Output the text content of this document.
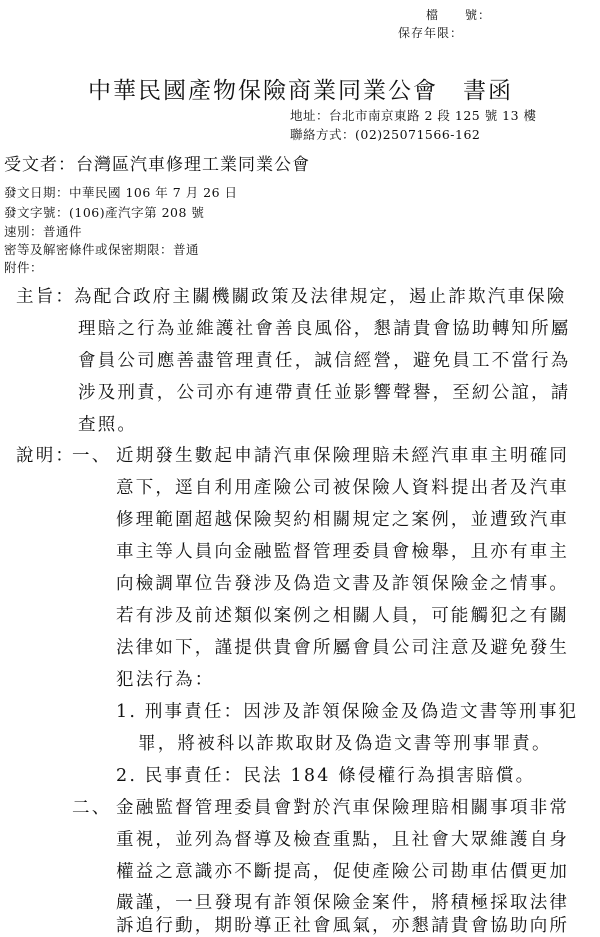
檔　　號：
保存年限：
中華民國產物保險商業同業公會　書函
地址：台北市南京東路 2 段 125 號 13 樓
聯絡方式：(02)25071566-162
受文者：台灣區汽車修理工業同業公會
發文日期：中華民國 106 年 7 月 26 日
發文字號：(106)產汽字第 208 號
速別：普通件
密等及解密條件或保密期限：普通
附件：
主旨：
為配合政府主關機關政策及法律規定，遏止詐欺汽車保險
理賠之行為並維護社會善良風俗，懇請貴會協助轉知所屬
會員公司應善盡管理責任，誠信經營，避免員工不當行為
涉及刑責，公司亦有連帶責任並影響聲譽，至紉公誼，請
查照。
說明：
一、 近期發生數起申請汽車保險理賠未經汽車車主明確同
意下，逕自利用產險公司被保險人資料提出者及汽車
修理範圍超越保險契約相關規定之案例，並遭致汽車
車主等人員向金融監督管理委員會檢舉，且亦有車主
向檢調單位告發涉及偽造文書及詐領保險金之情事。
若有涉及前述類似案例之相關人員，可能觸犯之有關
法律如下，謹提供貴會所屬會員公司注意及避免發生
犯法行為：
1. 刑事責任：因涉及詐領保險金及偽造文書等刑事犯
罪，將被科以詐欺取財及偽造文書等刑事罪責。
2. 民事責任：民法 184 條侵權行為損害賠償。
二、 金融監督管理委員會對於汽車保險理賠相關事項非常
重視，並列為督導及檢查重點，且社會大眾維護自身
權益之意識亦不斷提高，促使產險公司勘車估價更加
嚴謹，一旦發現有詐領保險金案件，將積極採取法律
訴追行動，期盼導正社會風氣，亦懇請貴會協助向所
